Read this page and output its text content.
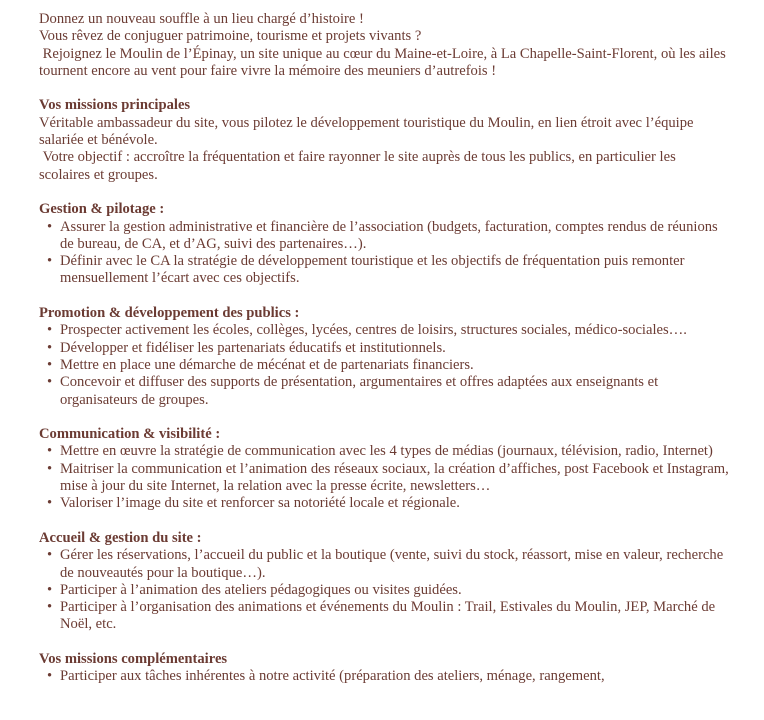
Donnez un nouveau souffle à un lieu chargé d’histoire !

Vous rêvez de conjuguer patrimoine, tourisme et projets vivants ?

Rejoignez le Moulin de l’Épinay, un site unique au cœur du Maine-et-Loire, à La Chapelle-Saint-Florent, où les ailes tournent encore au vent pour faire vivre la mémoire des meuniers d’autrefois !

Vos missions principales

Véritable ambassadeur du site, vous pilotez le développement touristique du Moulin, en lien étroit avec l’équipe salariée et bénévole.

Votre objectif : accroître la fréquentation et faire rayonner le site auprès de tous les publics, en particulier les scolaires et groupes.

Gestion & pilotage :
• Assurer la gestion administrative et financière de l’association (budgets, facturation, comptes rendus de réunions de bureau, de CA, et d’AG, suivi des partenaires…).
• Définir avec le CA la stratégie de développement touristique et les objectifs de fréquentation puis remonter mensuellement l’écart avec ces objectifs.
Promotion & développement des publics :
• Prospecter activement les écoles, collèges, lycées, centres de loisirs, structures sociales, médico-sociales….
• Développer et fidéliser les partenariats éducatifs et institutionnels.
• Mettre en place une démarche de mécénat et de partenariats financiers.
• Concevoir et diffuser des supports de présentation, argumentaires et offres adaptées aux enseignants et organisateurs de groupes.
Communication & visibilité :
• Mettre en œuvre la stratégie de communication avec les 4 types de médias (journaux, télévision, radio, Internet)
• Maitriser la communication et l’animation des réseaux sociaux, la création d’affiches, post Facebook et Instagram, mise à jour du site Internet, la relation avec la presse écrite, newsletters…
• Valoriser l’image du site et renforcer sa notoriété locale et régionale.
Accueil & gestion du site :
• Gérer les réservations, l’accueil du public et la boutique (vente, suivi du stock, réassort, mise en valeur, recherche de nouveautés pour la boutique…).
• Participer à l’animation des ateliers pédagogiques ou visites guidées.
• Participer à l’organisation des animations et événements du Moulin : Trail, Estivales du Moulin, JEP, Marché de Noël, etc.
Vos missions complémentaires
• Participer aux tâches inhérentes à notre activité (préparation des ateliers, ménage, rangement,
